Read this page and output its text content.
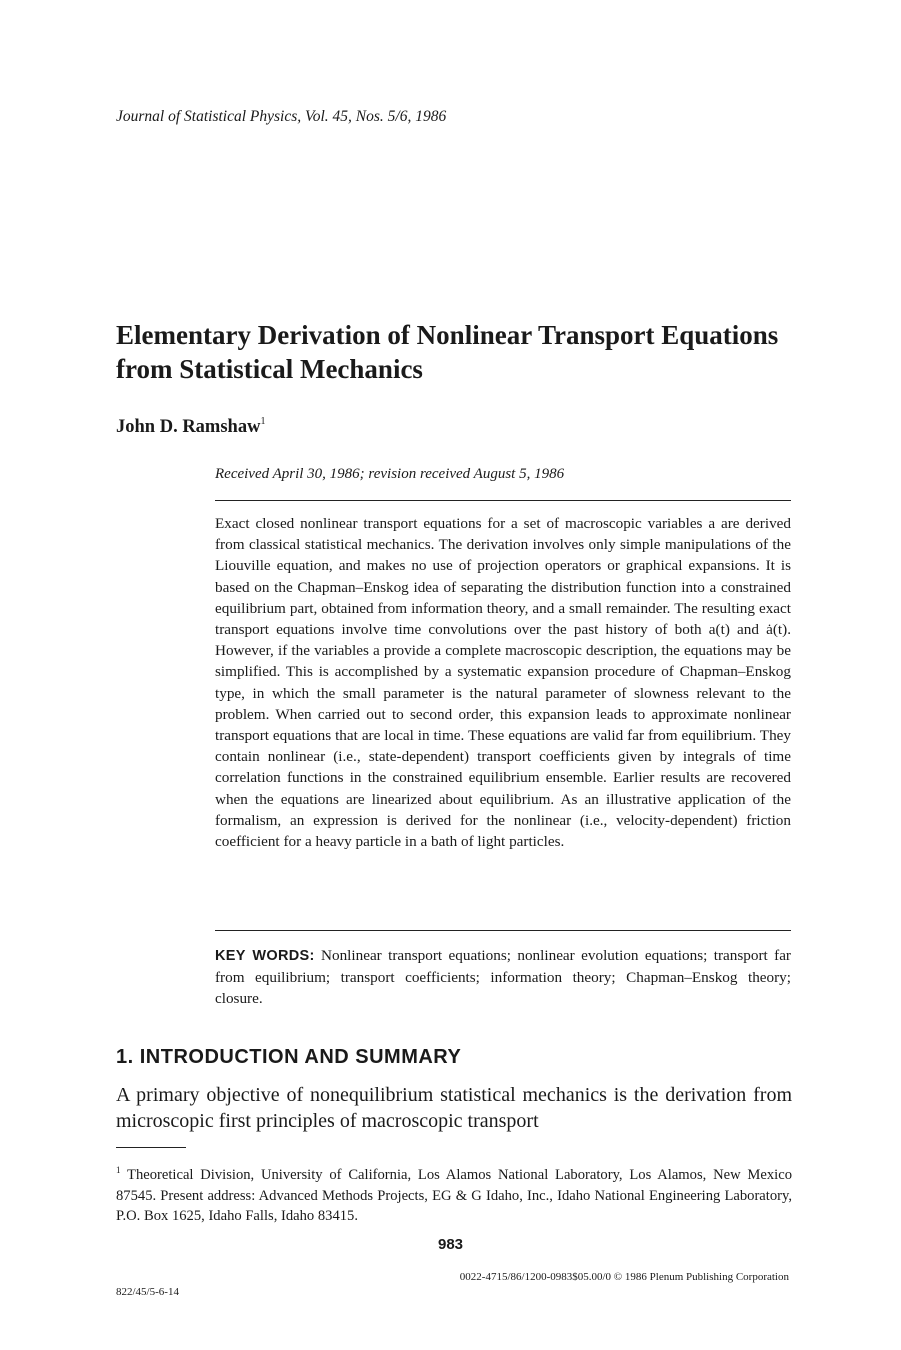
Journal of Statistical Physics, Vol. 45, Nos. 5/6, 1986
Elementary Derivation of Nonlinear Transport Equations from Statistical Mechanics
John D. Ramshaw$^1$
Received April 30, 1986; revision received August 5, 1986
Exact closed nonlinear transport equations for a set of macroscopic variables a are derived from classical statistical mechanics. The derivation involves only simple manipulations of the Liouville equation, and makes no use of projection operators or graphical expansions. It is based on the Chapman–Enskog idea of separating the distribution function into a constrained equilibrium part, obtained from information theory, and a small remainder. The resulting exact transport equations involve time convolutions over the past history of both a(t) and ȧ(t). However, if the variables a provide a complete macroscopic description, the equations may be simplified. This is accomplished by a systematic expansion procedure of Chapman–Enskog type, in which the small parameter is the natural parameter of slowness relevant to the problem. When carried out to second order, this expansion leads to approximate nonlinear transport equations that are local in time. These equations are valid far from equilibrium. They contain nonlinear (i.e., state-dependent) transport coefficients given by integrals of time correlation functions in the constrained equilibrium ensemble. Earlier results are recovered when the equations are linearized about equilibrium. As an illustrative application of the formalism, an expression is derived for the nonlinear (i.e., velocity-dependent) friction coefficient for a heavy particle in a bath of light particles.
KEY WORDS: Nonlinear transport equations; nonlinear evolution equations; transport far from equilibrium; transport coefficients; information theory; Chapman–Enskog theory; closure.
1. INTRODUCTION AND SUMMARY
A primary objective of nonequilibrium statistical mechanics is the derivation from microscopic first principles of macroscopic transport
$^1$ Theoretical Division, University of California, Los Alamos National Laboratory, Los Alamos, New Mexico 87545. Present address: Advanced Methods Projects, EG & G Idaho, Inc., Idaho National Engineering Laboratory, P.O. Box 1625, Idaho Falls, Idaho 83415.
983
0022-4715/86/1200-0983$05.00/0 © 1986 Plenum Publishing Corporation
822/45/5-6-14
